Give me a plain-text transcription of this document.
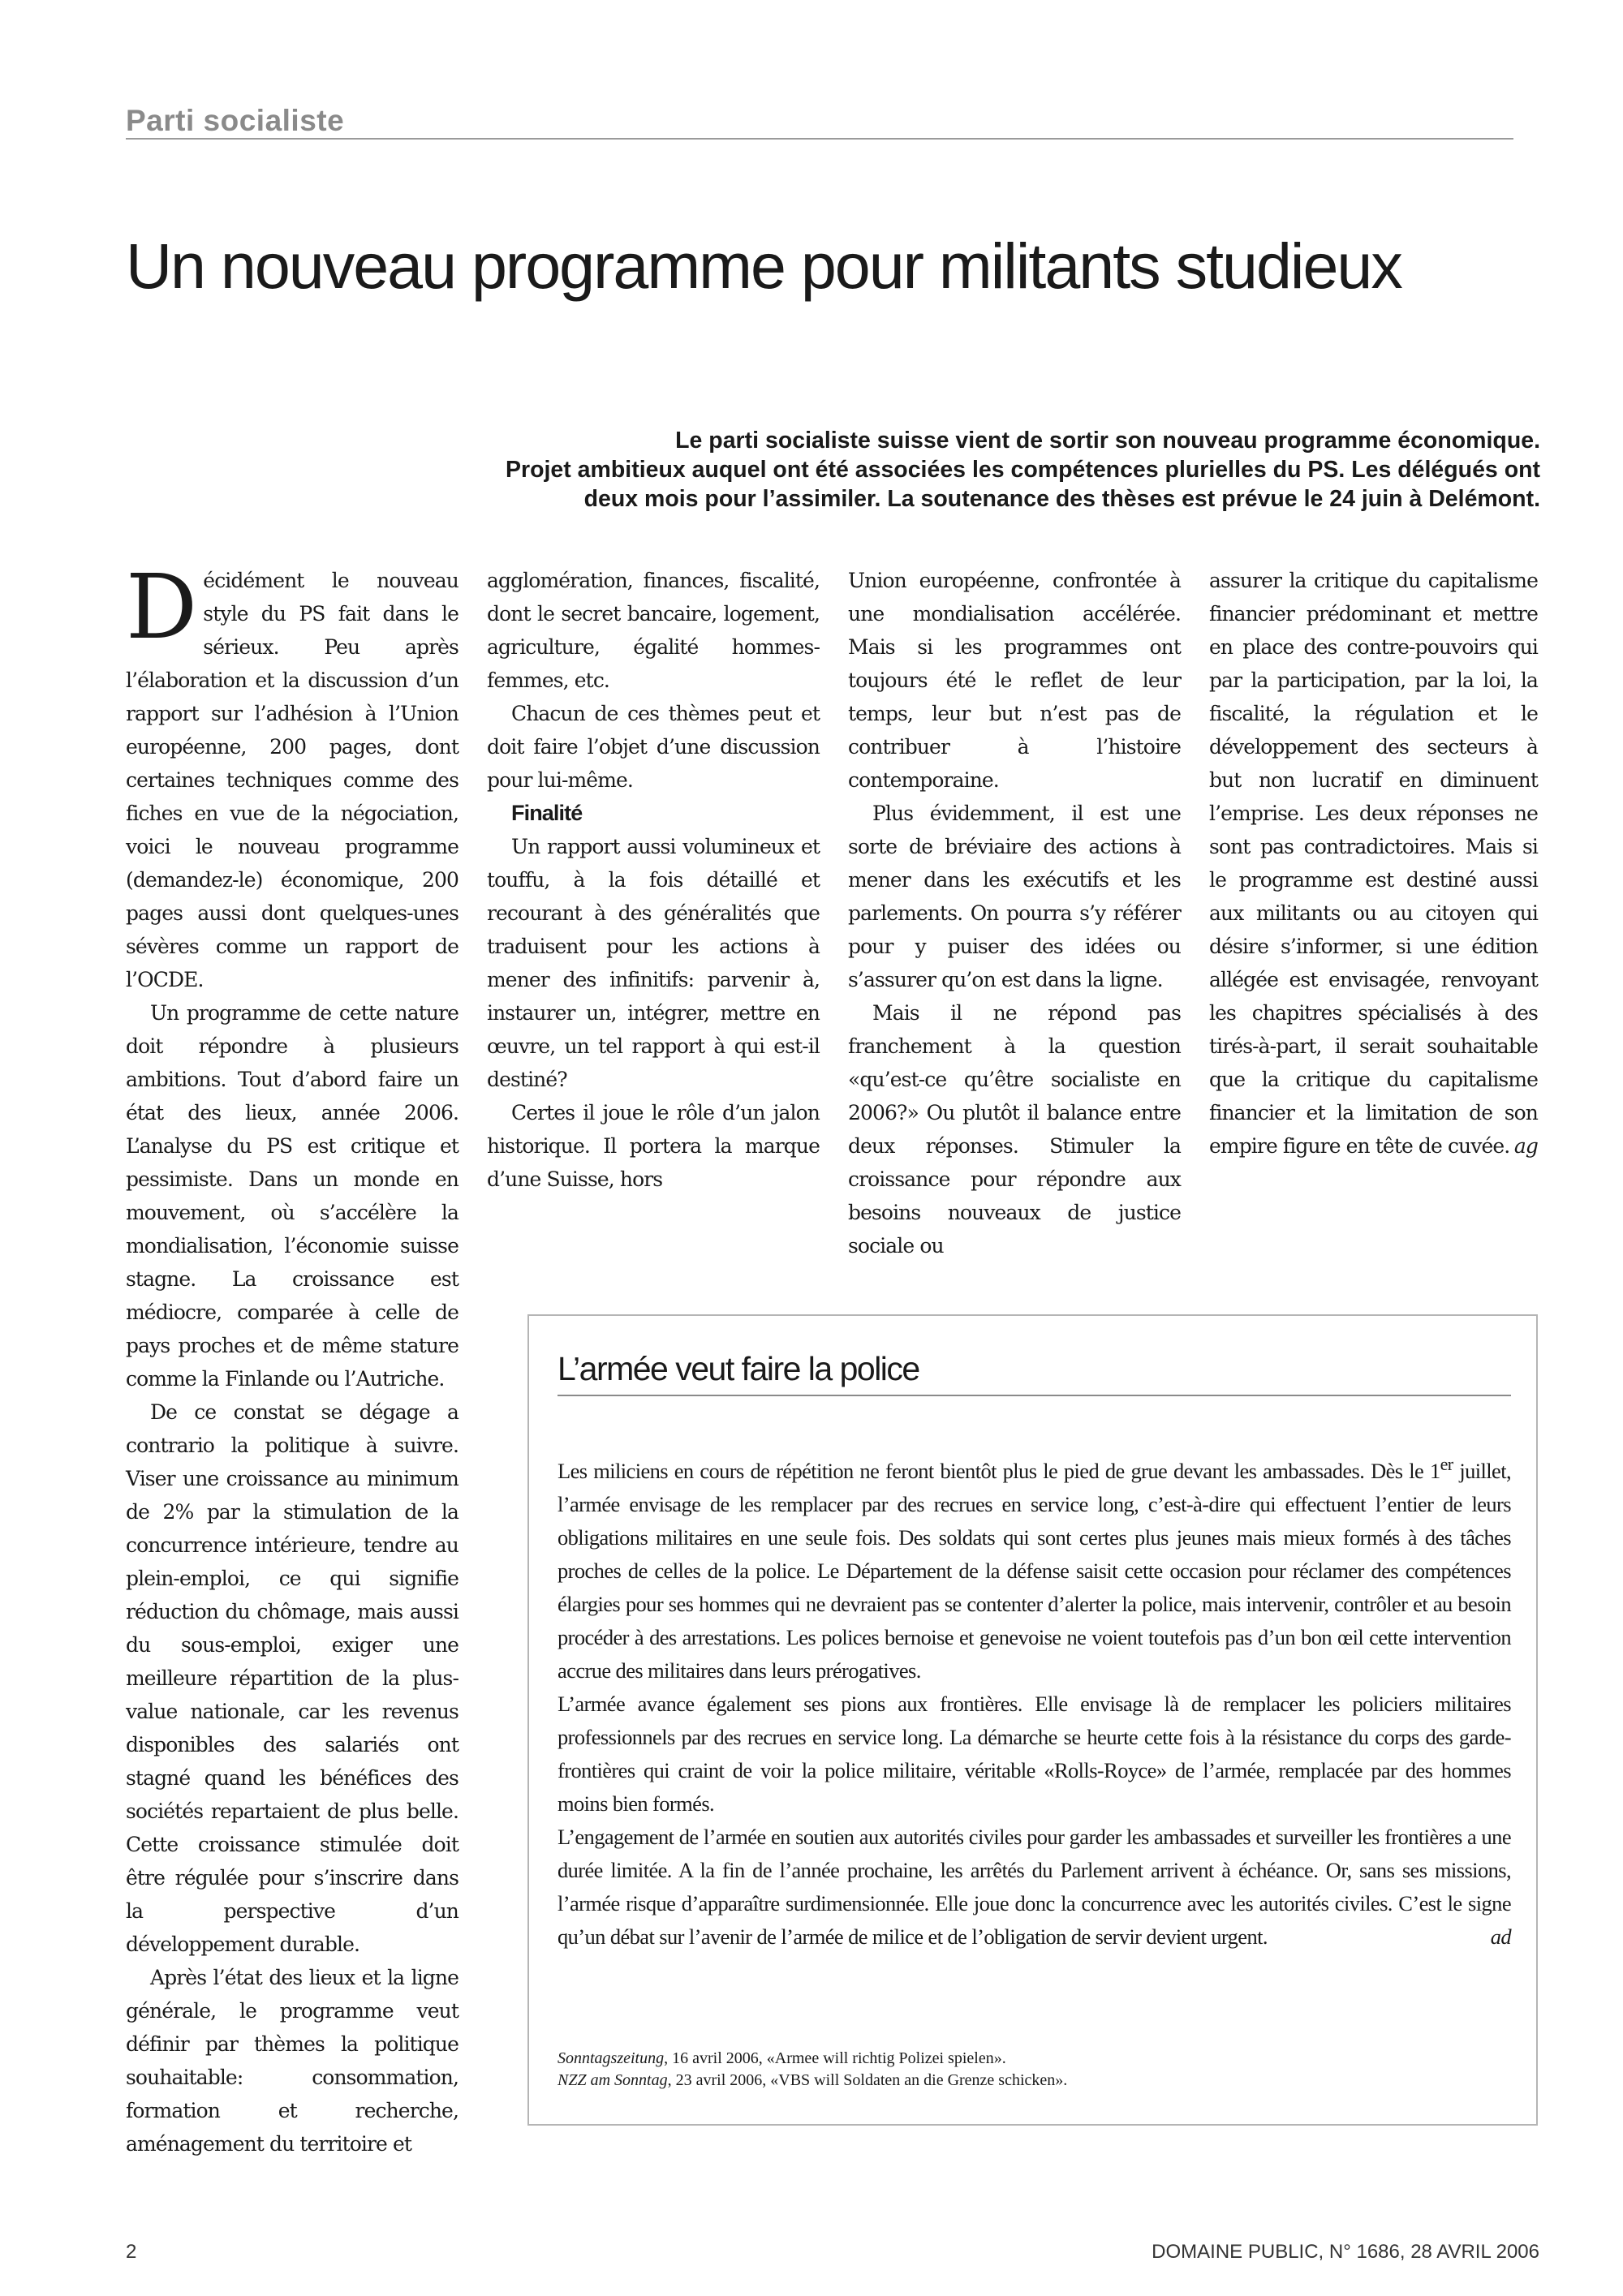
Parti socialiste
Un nouveau programme pour militants studieux
Le parti socialiste suisse vient de sortir son nouveau programme économique.
Projet ambitieux auquel ont été associées les compétences plurielles du PS. Les délégués ont
deux mois pour l’assimiler. La soutenance des thèses est prévue le 24 juin à Delémont.

Décidément le nouveau style du PS fait dans le sérieux. Peu après l’élaboration et la discussion d’un rapport sur l’adhésion à l’Union européenne, 200 pages, dont certaines techniques comme des fiches en vue de la négociation, voici le nouveau programme (demandez-le) économique, 200 pages aussi dont quelques-unes sévères comme un rapport de l’OCDE.

Un programme de cette nature doit répondre à plusieurs ambitions. Tout d’abord faire un état des lieux, année 2006. L’analyse du PS est critique et pessimiste. Dans un monde en mouvement, où s’accélère la mondialisation, l’économie suisse stagne. La croissance est médiocre, comparée à celle de pays proches et de même stature comme la Finlande ou l’Autriche.

De ce constat se dégage a contrario la politique à suivre. Viser une croissance au minimum de 2% par la stimulation de la concurrence intérieure, tendre au plein-emploi, ce qui signifie réduction du chômage, mais aussi du sous-emploi, exiger une meilleure répartition de la plus-value nationale, car les revenus disponibles des salariés ont stagné quand les bénéfices des sociétés repartaient de plus belle. Cette croissance stimulée doit être régulée pour s’inscrire dans la perspective d’un développement durable.

Après l’état des lieux et la ligne générale, le programme veut définir par thèmes la politique souhaitable: consommation, formation et recherche, aménagement du territoire et

agglomération, finances, fiscalité, dont le secret bancaire, logement, agriculture, égalité hommes-femmes, etc.

Chacun de ces thèmes peut et doit faire l’objet d’une discussion pour lui-même.

Finalité

Un rapport aussi volumineux et touffu, à la fois détaillé et recourant à des généralités que traduisent pour les actions à mener des infinitifs: parvenir à, instaurer un, intégrer, mettre en œuvre, un tel rapport à qui est-il destiné?

Certes il joue le rôle d’un jalon historique. Il portera la marque d’une Suisse, hors

Union européenne, confrontée à une mondialisation accélérée. Mais si les programmes ont toujours été le reflet de leur temps, leur but n’est pas de contribuer à l’histoire contemporaine.

Plus évidemment, il est une sorte de bréviaire des actions à mener dans les exécutifs et les parlements. On pourra s’y référer pour y puiser des idées ou s’assurer qu’on est dans la ligne.

Mais il ne répond pas franchement à la question «qu’est-ce qu’être socialiste en 2006?» Ou plutôt il balance entre deux réponses. Stimuler la croissance pour répondre aux besoins nouveaux de justice sociale ou

assurer la critique du capitalisme financier prédominant et mettre en place des contre-pouvoirs qui par la participation, par la loi, la fiscalité, la régulation et le développement des secteurs à but non lucratif en diminuent l’emprise. Les deux réponses ne sont pas contradictoires. Mais si le programme est destiné aussi aux militants ou au citoyen qui désire s’informer, si une édition allégée est envisagée, renvoyant les chapitres spécialisés à des tirés-à-part, il serait souhaitable que la critique du capitalisme financier et la limitation de son empire figure en tête de cuvée. ag

L’armée veut faire la police

Les miliciens en cours de répétition ne feront bientôt plus le pied de grue devant les ambassades. Dès le 1er juillet, l’armée envisage de les remplacer par des recrues en service long, c’est-à-dire qui effectuent l’entier de leurs obligations militaires en une seule fois. Des soldats qui sont certes plus jeunes mais mieux formés à des tâches proches de celles de la police. Le Département de la défense saisit cette occasion pour réclamer des compétences élargies pour ses hommes qui ne devraient pas se contenter d’alerter la police, mais intervenir, contrôler et au besoin procéder à des arrestations. Les polices bernoise et genevoise ne voient toutefois pas d’un bon œil cette intervention accrue des militaires dans leurs prérogatives.

L’armée avance également ses pions aux frontières. Elle envisage là de remplacer les policiers militaires professionnels par des recrues en service long. La démarche se heurte cette fois à la résistance du corps des garde-frontières qui craint de voir la police militaire, véritable «Rolls-Royce» de l’armée, remplacée par des hommes moins bien formés.

L’engagement de l’armée en soutien aux autorités civiles pour garder les ambassades et surveiller les frontières a une durée limitée. A la fin de l’année prochaine, les arrêtés du Parlement arrivent à échéance. Or, sans ses missions, l’armée risque d’apparaître surdimensionnée. Elle joue donc la concurrence avec les autorités civiles. C’est le signe qu’un débat sur l’avenir de l’armée de milice et de l’obligation de servir devient urgent.	ad

Sonntagszeitung, 16 avril 2006, «Armee will richtig Polizei spielen».
NZZ am Sonntag, 23 avril 2006, «VBS will Soldaten an die Grenze schicken».
2	DOMAINE PUBLIC, N° 1686, 28 AVRIL 2006
